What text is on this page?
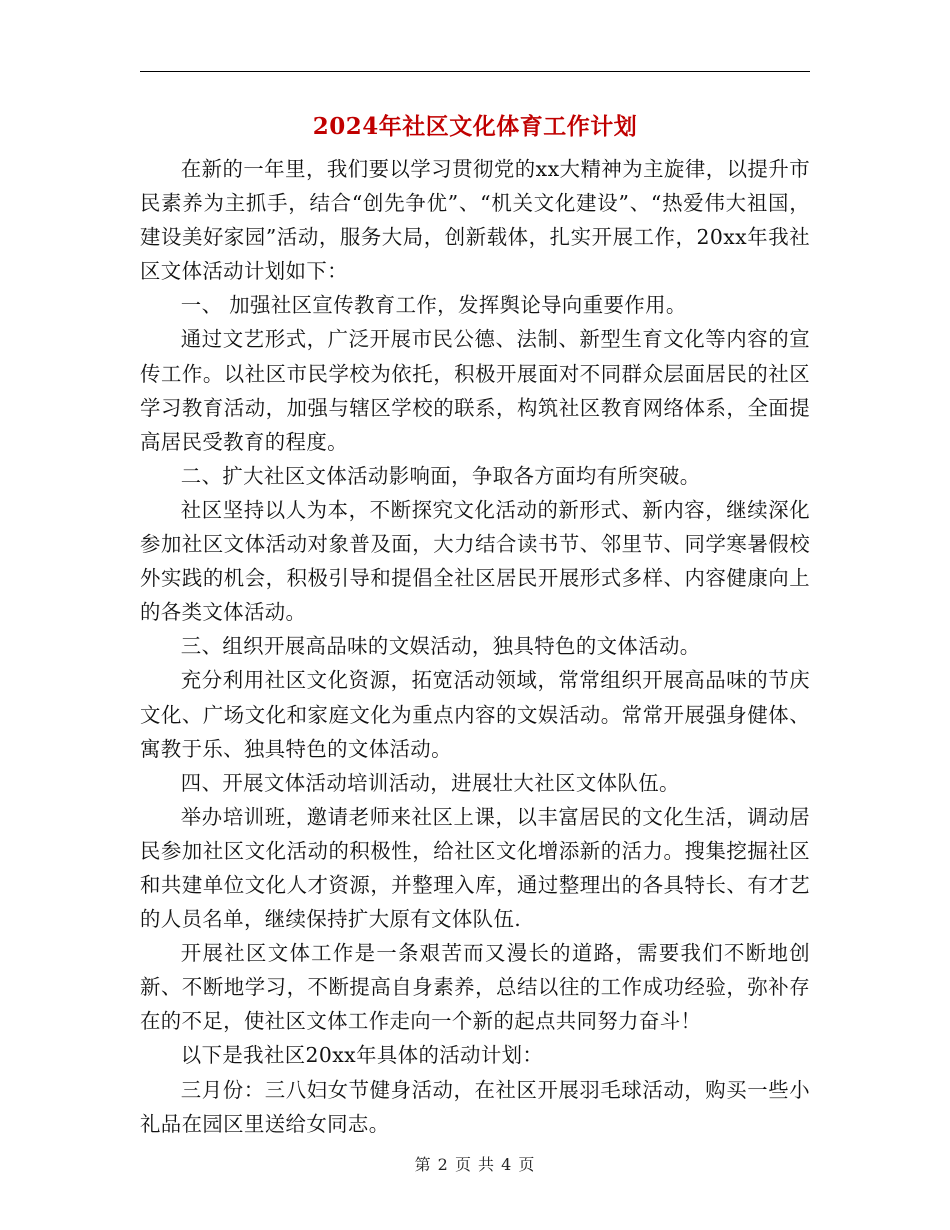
2024年社区文化体育工作计划

在新的一年里，我们要以学习贯彻党的xx大精神为主旋律，以提升市民素养为主抓手，结合“创先争优”、“机关文化建设”、“热爱伟大祖国，建设美好家园”活动，服务大局，创新载体，扎实开展工作，20xx年我社区文体活动计划如下：

一、 加强社区宣传教育工作，发挥舆论导向重要作用。

通过文艺形式，广泛开展市民公德、法制、新型生育文化等内容的宣传工作。以社区市民学校为依托，积极开展面对不同群众层面居民的社区学习教育活动，加强与辖区学校的联系，构筑社区教育网络体系，全面提高居民受教育的程度。

二、扩大社区文体活动影响面，争取各方面均有所突破。

社区坚持以人为本，不断探究文化活动的新形式、新内容，继续深化参加社区文体活动对象普及面，大力结合读书节、邻里节、同学寒暑假校外实践的机会，积极引导和提倡全社区居民开展形式多样、内容健康向上的各类文体活动。

三、组织开展高品味的文娱活动，独具特色的文体活动。

充分利用社区文化资源，拓宽活动领域，常常组织开展高品味的节庆文化、广场文化和家庭文化为重点内容的文娱活动。常常开展强身健体、寓教于乐、独具特色的文体活动。

四、开展文体活动培训活动，进展壮大社区文体队伍。

举办培训班，邀请老师来社区上课，以丰富居民的文化生活，调动居民参加社区文化活动的积极性，给社区文化增添新的活力。搜集挖掘社区和共建单位文化人才资源，并整理入库，通过整理出的各具特长、有才艺的人员名单，继续保持扩大原有文体队伍.

开展社区文体工作是一条艰苦而又漫长的道路，需要我们不断地创新、不断地学习，不断提高自身素养，总结以往的工作成功经验，弥补存在的不足，使社区文体工作走向一个新的起点共同努力奋斗！

以下是我社区20xx年具体的活动计划：

三月份：三八妇女节健身活动，在社区开展羽毛球活动，购买一些小礼品在园区里送给女同志。

第 2 页 共 4 页
